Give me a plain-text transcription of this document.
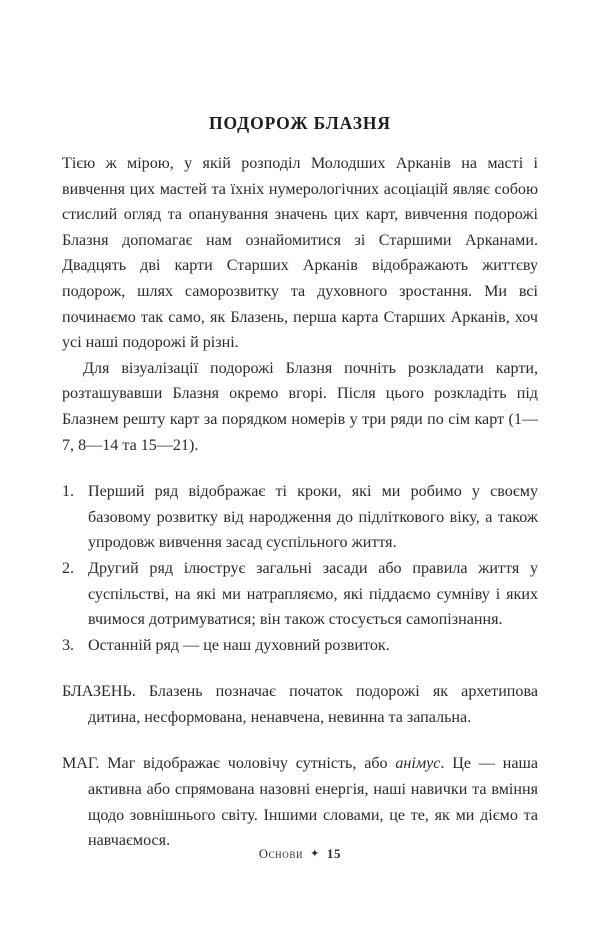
ПОДОРОЖ БЛАЗНЯ

Тією ж мірою, у якій розподіл Молодших Арканів на масті і вивчення цих мастей та їхніх нумерологічних асоціацій являє собою стислий огляд та опанування значень цих карт, вивчення подорожі Блазня допомагає нам ознайомитися зі Старшими Арканами. Двадцять дві карти Старших Арканів відображають життєву подорож, шлях саморозвитку та духовного зростання. Ми всі починаємо так само, як Блазень, перша карта Старших Арканів, хоч усі наші подорожі й різні.

Для візуалізації подорожі Блазня почніть розкладати карти, розташувавши Блазня окремо вгорі. Після цього розкладіть під Блазнем решту карт за порядком номерів у три ряди по сім карт (1—7, 8—14 та 15—21).

1. Перший ряд відображає ті кроки, які ми робимо у своєму базовому розвитку від народження до підліткового віку, а також упродовж вивчення засад суспільного життя.
2. Другий ряд ілюструє загальні засади або правила життя у суспільстві, на які ми натрапляємо, які піддаємо сумніву і яких вчимося дотримуватися; він також стосується самопізнання.
3. Останній ряд — це наш духовний розвиток.

БЛАЗЕНЬ. Блазень позначає початок подорожі як архетипова дитина, несформована, ненавчена, невинна та запальна.

МАГ. Маг відображає чоловічу сутність, або анімус. Це — наша активна або спрямована назовні енергія, наші навички та вміння щодо зовнішнього світу. Іншими словами, це те, як ми діємо та навчаємося.

Основи ✦ 15
